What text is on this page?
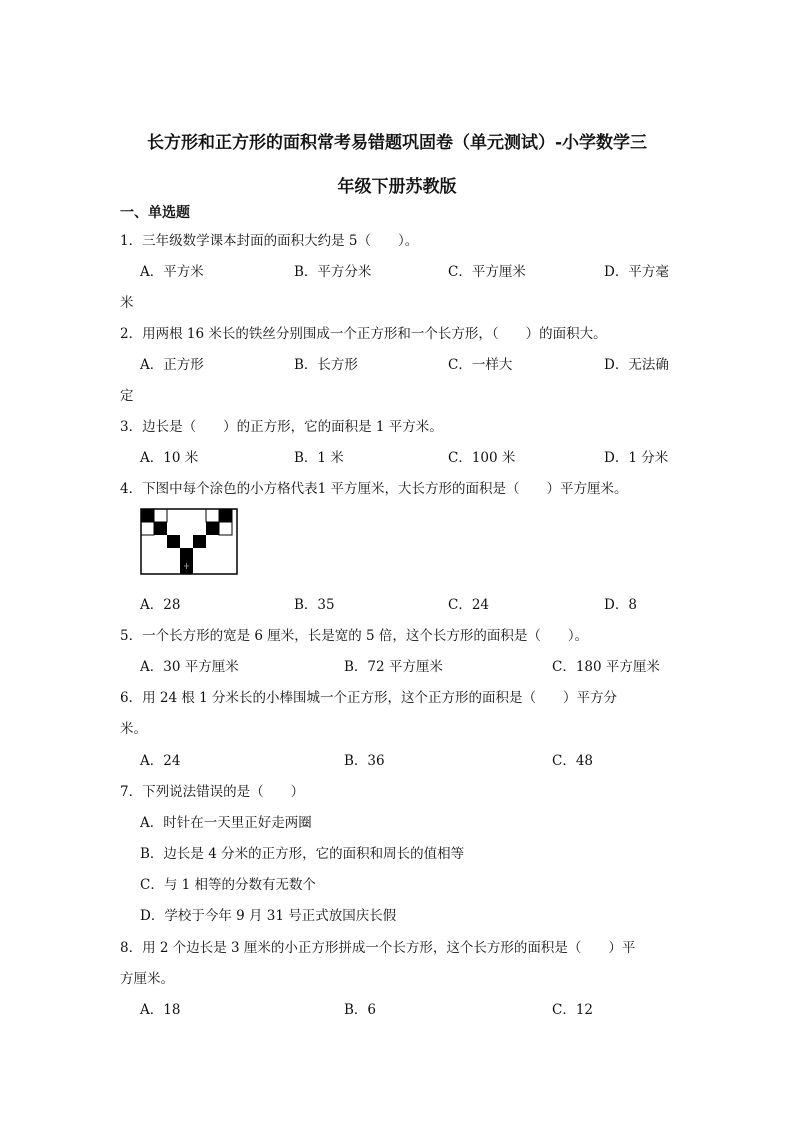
长方形和正方形的面积常考易错题巩固卷（单元测试）-小学数学三
年级下册苏教版
一、单选题
1．三年级数学课本封面的面积大约是 5（　　）。
A．平方米	B．平方分米	C．平方厘米	D．平方毫
米
2．用两根 16 米长的铁丝分别围成一个正方形和一个长方形，（　　）的面积大。
A．正方形	B．长方形	C．一样大	D．无法确
定
3．边长是（　　）的正方形，它的面积是 1 平方米。
A．10 米	B．1 米	C．100 米	D．1 分米
4．下图中每个涂色的小方格代表1 平方厘米，大长方形的面积是（　　）平方厘米。
A．28	B．35	C．24	D．8
5．一个长方形的宽是 6 厘米，长是宽的 5 倍，这个长方形的面积是（　　）。
A．30 平方厘米	B．72 平方厘米	C．180 平方厘米
6．用 24 根 1 分米长的小棒围城一个正方形，这个正方形的面积是（　　）平方分
米。
A．24	B．36	C．48
7．下列说法错误的是（　　）
A．时针在一天里正好走两圈
B．边长是 4 分米的正方形，它的面积和周长的值相等
C．与 1 相等的分数有无数个
D．学校于今年 9 月 31 号正式放国庆长假
8．用 2 个边长是 3 厘米的小正方形拼成一个长方形，这个长方形的面积是（　　）平
方厘米。
A．18	B．6	C．12
